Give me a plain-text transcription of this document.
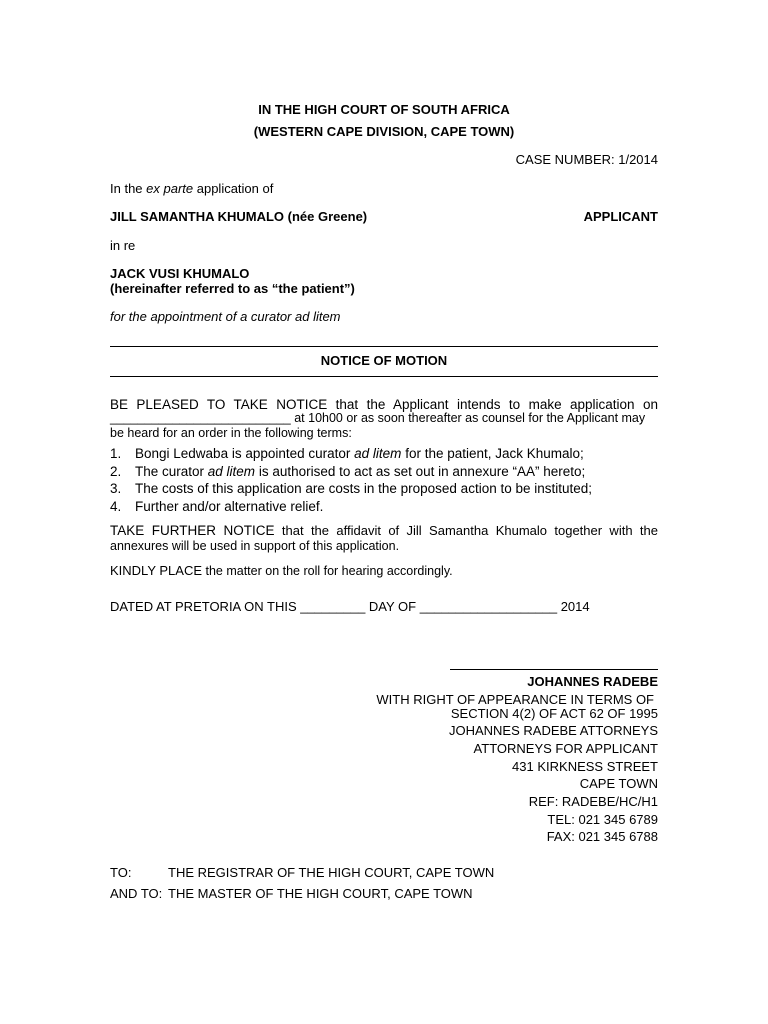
IN THE HIGH COURT OF SOUTH AFRICA
(WESTERN CAPE DIVISION, CAPE TOWN)
CASE NUMBER: 1/2014
In the ex parte application of
JILL SAMANTHA KHUMALO (née Greene)	APPLICANT
in re
JACK VUSI KHUMALO
(hereinafter referred to as “the patient”)
for the appointment of a curator ad litem
NOTICE OF MOTION
BE PLEASED TO TAKE NOTICE that the Applicant intends to make application on
__________________________ at 10h00 or as soon thereafter as counsel for the Applicant may
be heard for an order in the following terms:
1. Bongi Ledwaba is appointed curator ad litem for the patient, Jack Khumalo;
2. The curator ad litem is authorised to act as set out in annexure “AA” hereto;
3. The costs of this application are costs in the proposed action to be instituted;
4. Further and/or alternative relief.
TAKE FURTHER NOTICE that the affidavit of Jill Samantha Khumalo together with the
annexures will be used in support of this application.
KINDLY PLACE the matter on the roll for hearing accordingly.
DATED AT PRETORIA ON THIS _________ DAY OF ___________________ 2014
JOHANNES RADEBE
WITH RIGHT OF APPEARANCE IN TERMS OF
SECTION 4(2) OF ACT 62 OF 1995
JOHANNES RADEBE ATTORNEYS
ATTORNEYS FOR APPLICANT
431 KIRKNESS STREET
CAPE TOWN
REF: RADEBE/HC/H1
TEL: 021 345 6789
FAX: 021 345 6788
TO:	THE REGISTRAR OF THE HIGH COURT, CAPE TOWN
AND TO: THE MASTER OF THE HIGH COURT, CAPE TOWN
